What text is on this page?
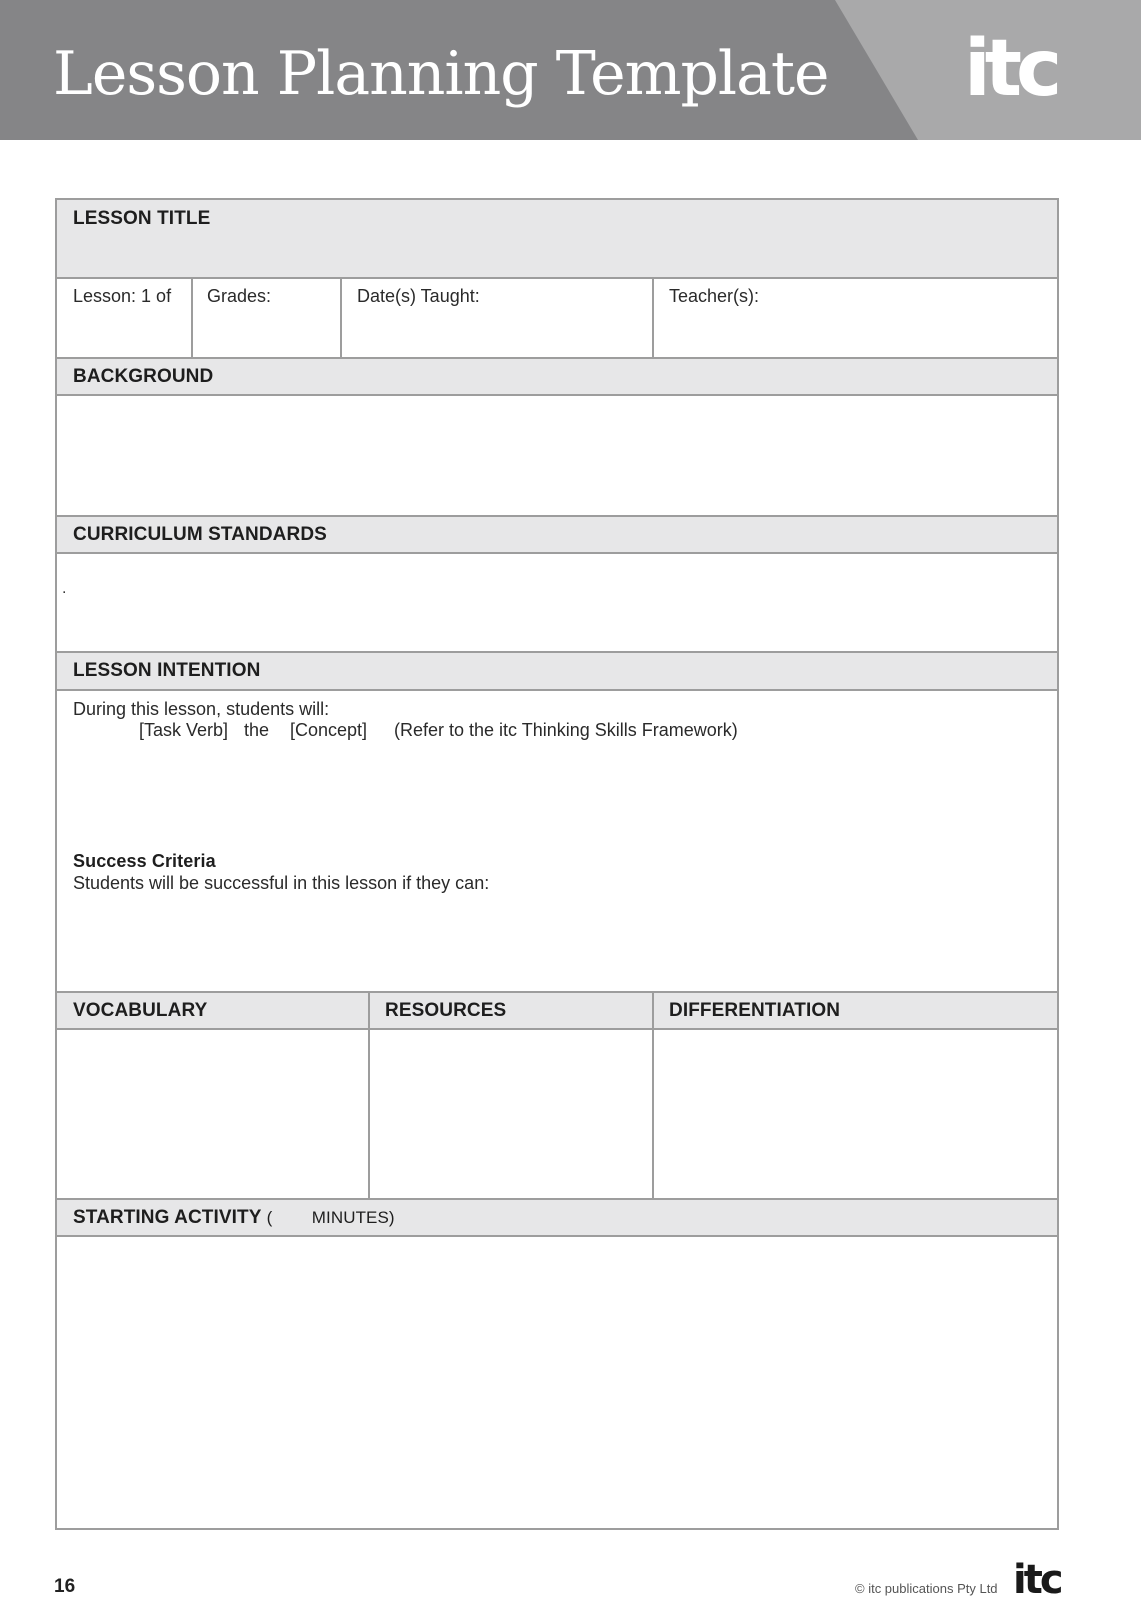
Lesson Planning Template itc
LESSON TITLE
Lesson: 1 of Grades:	Date(s) Taught:	Teacher(s):
BACKGROUND
CURRICULUM STANDARDS
.
LESSON INTENTION
During this lesson, students will:
[Task Verb] the [Concept] (Refer to the itc Thinking Skills Framework)
Success Criteria
Students will be successful in this lesson if they can:
VOCABULARY	RESOURCES	DIFFERENTIATION
STARTING ACTIVITY ( MINUTES)
16	© itc publications Pty Ltd itc
